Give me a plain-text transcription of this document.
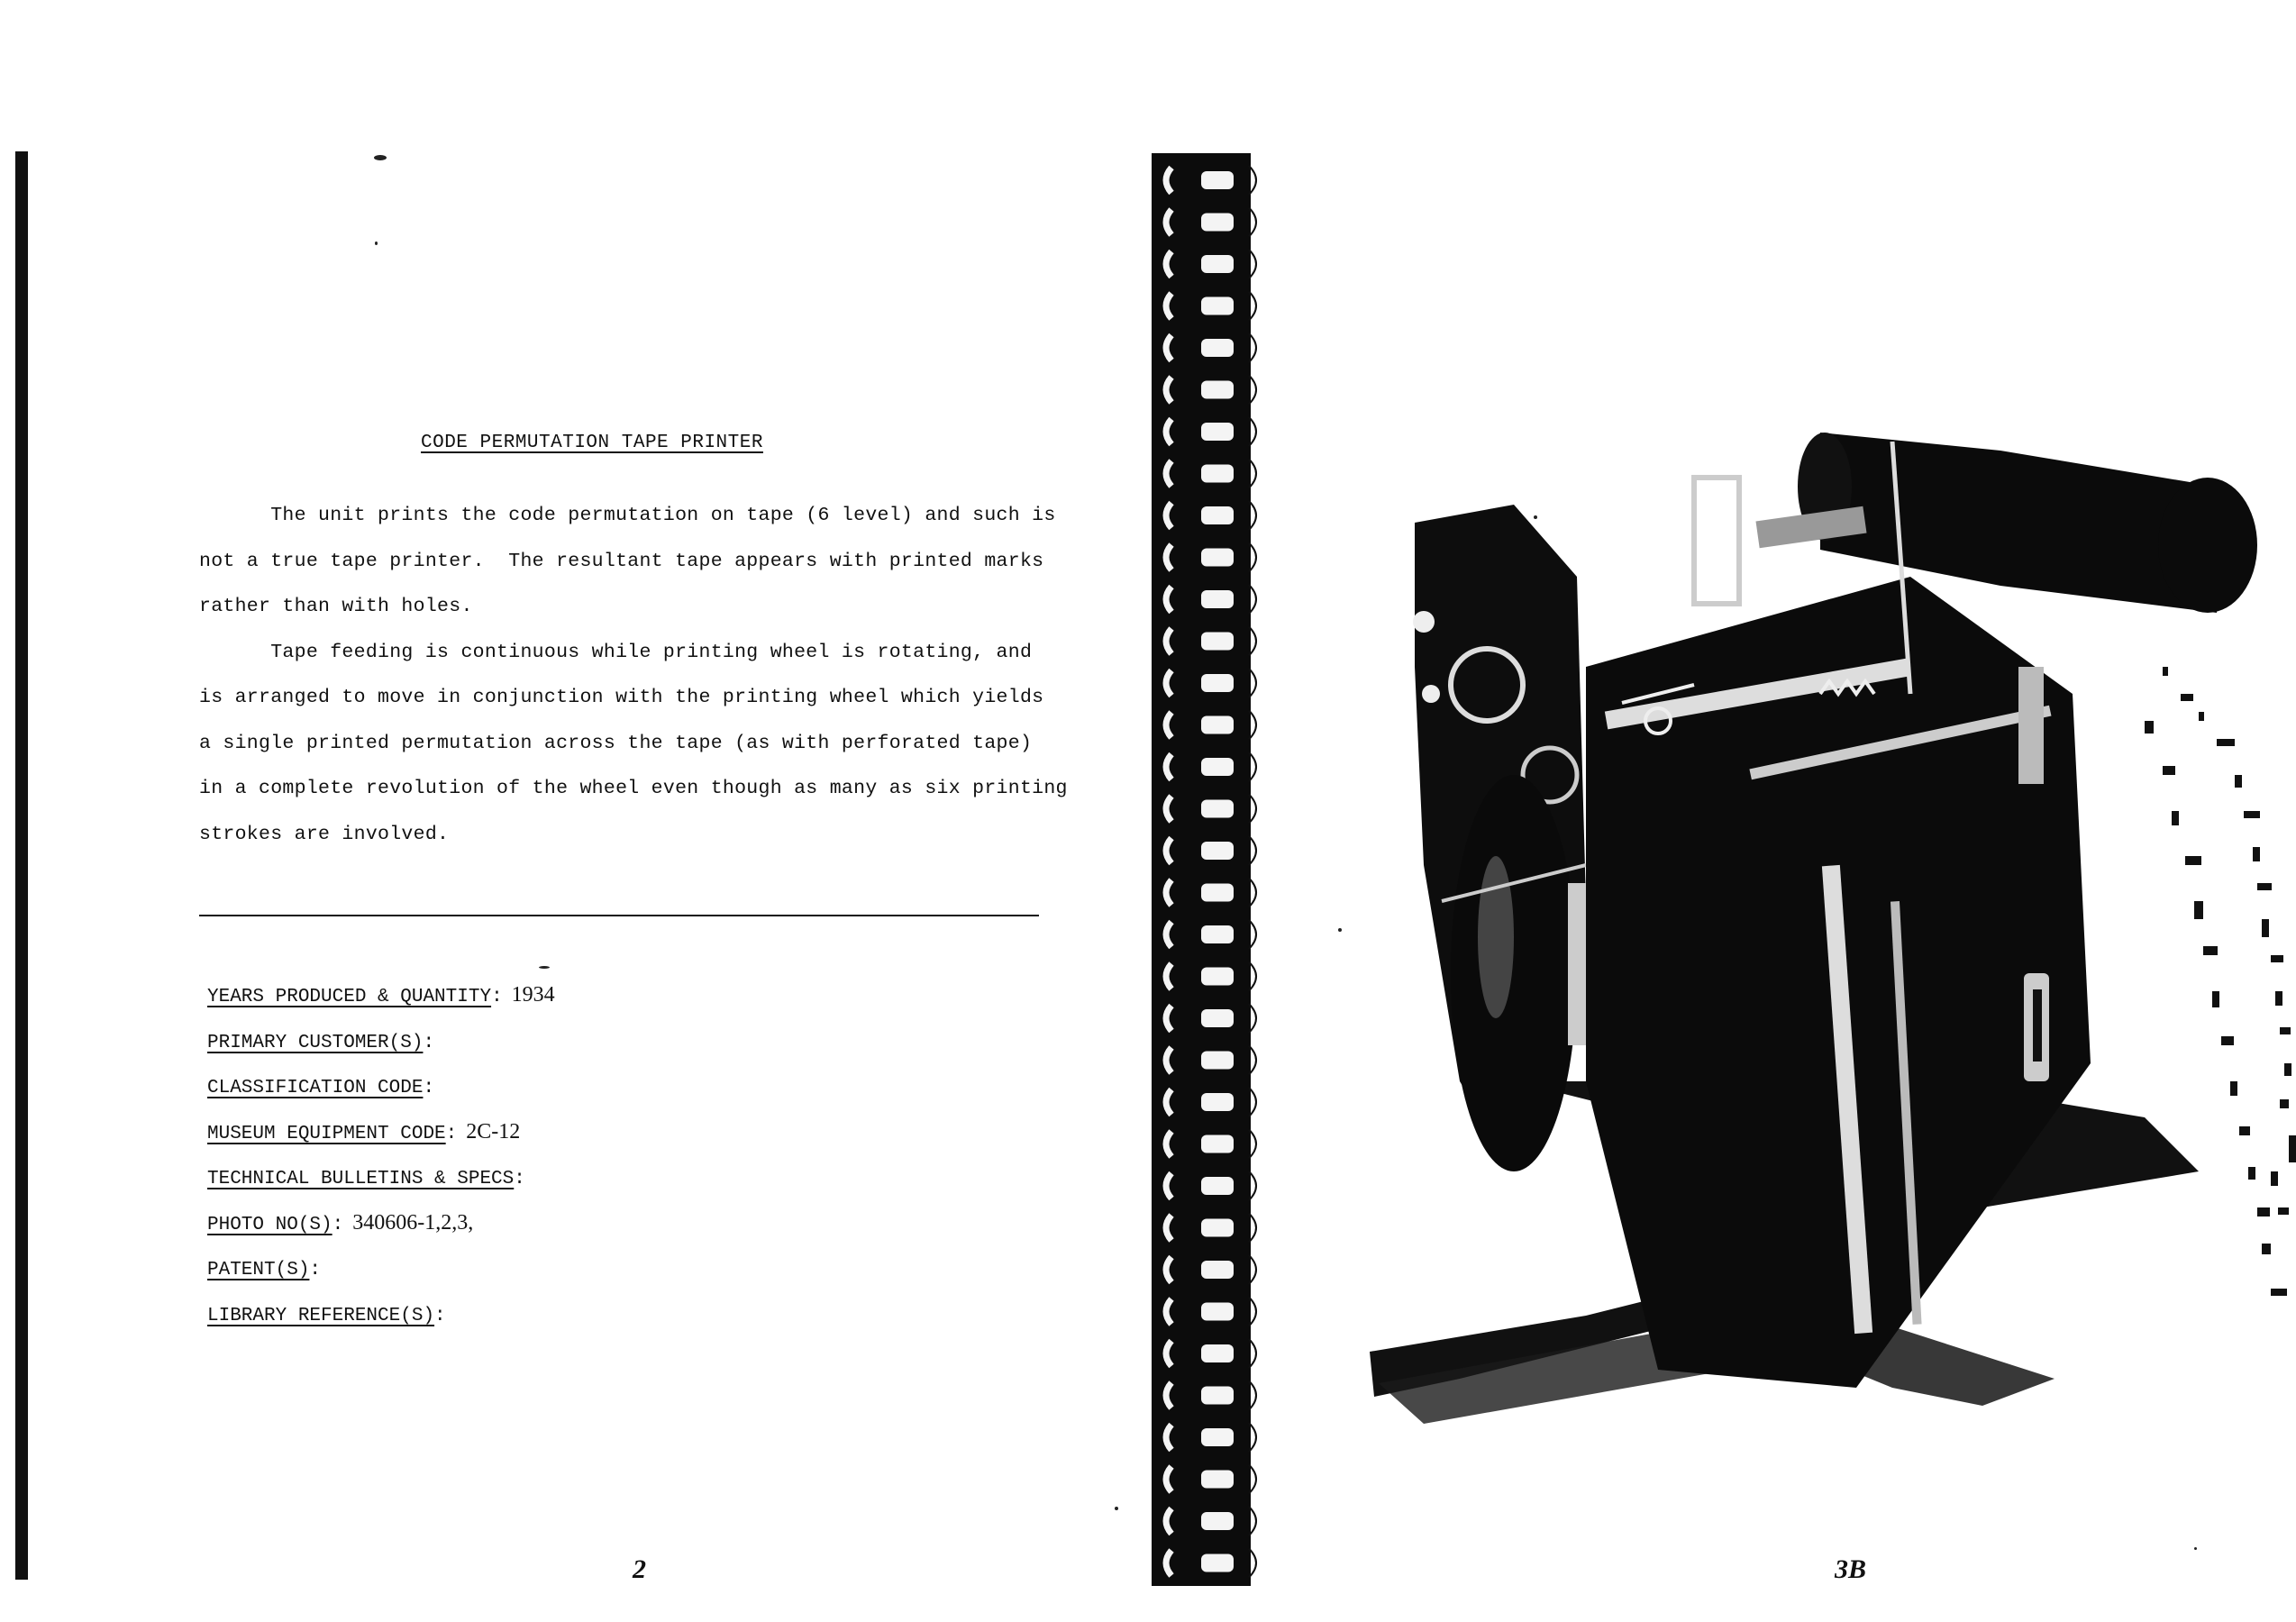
CODE PERMUTATION TAPE PRINTER
The unit prints the code permutation on tape (6 level) and such is
not a true tape printer.  The resultant tape appears with printed marks
rather than with holes.
Tape feeding is continuous while printing wheel is rotating, and
is arranged to move in conjunction with the printing wheel which yields
a single printed permutation across the tape (as with perforated tape)
in a complete revolution of the wheel even though as many as six printing
strokes are involved.
YEARS PRODUCED & QUANTITY: 1934
PRIMARY CUSTOMER(S):
CLASSIFICATION CODE:
MUSEUM EQUIPMENT CODE: 2C-12
TECHNICAL BULLETINS & SPECS:
PHOTO NO(S): 340606-1,2,3,
PATENT(S):
LIBRARY REFERENCE(S):
2	3B
